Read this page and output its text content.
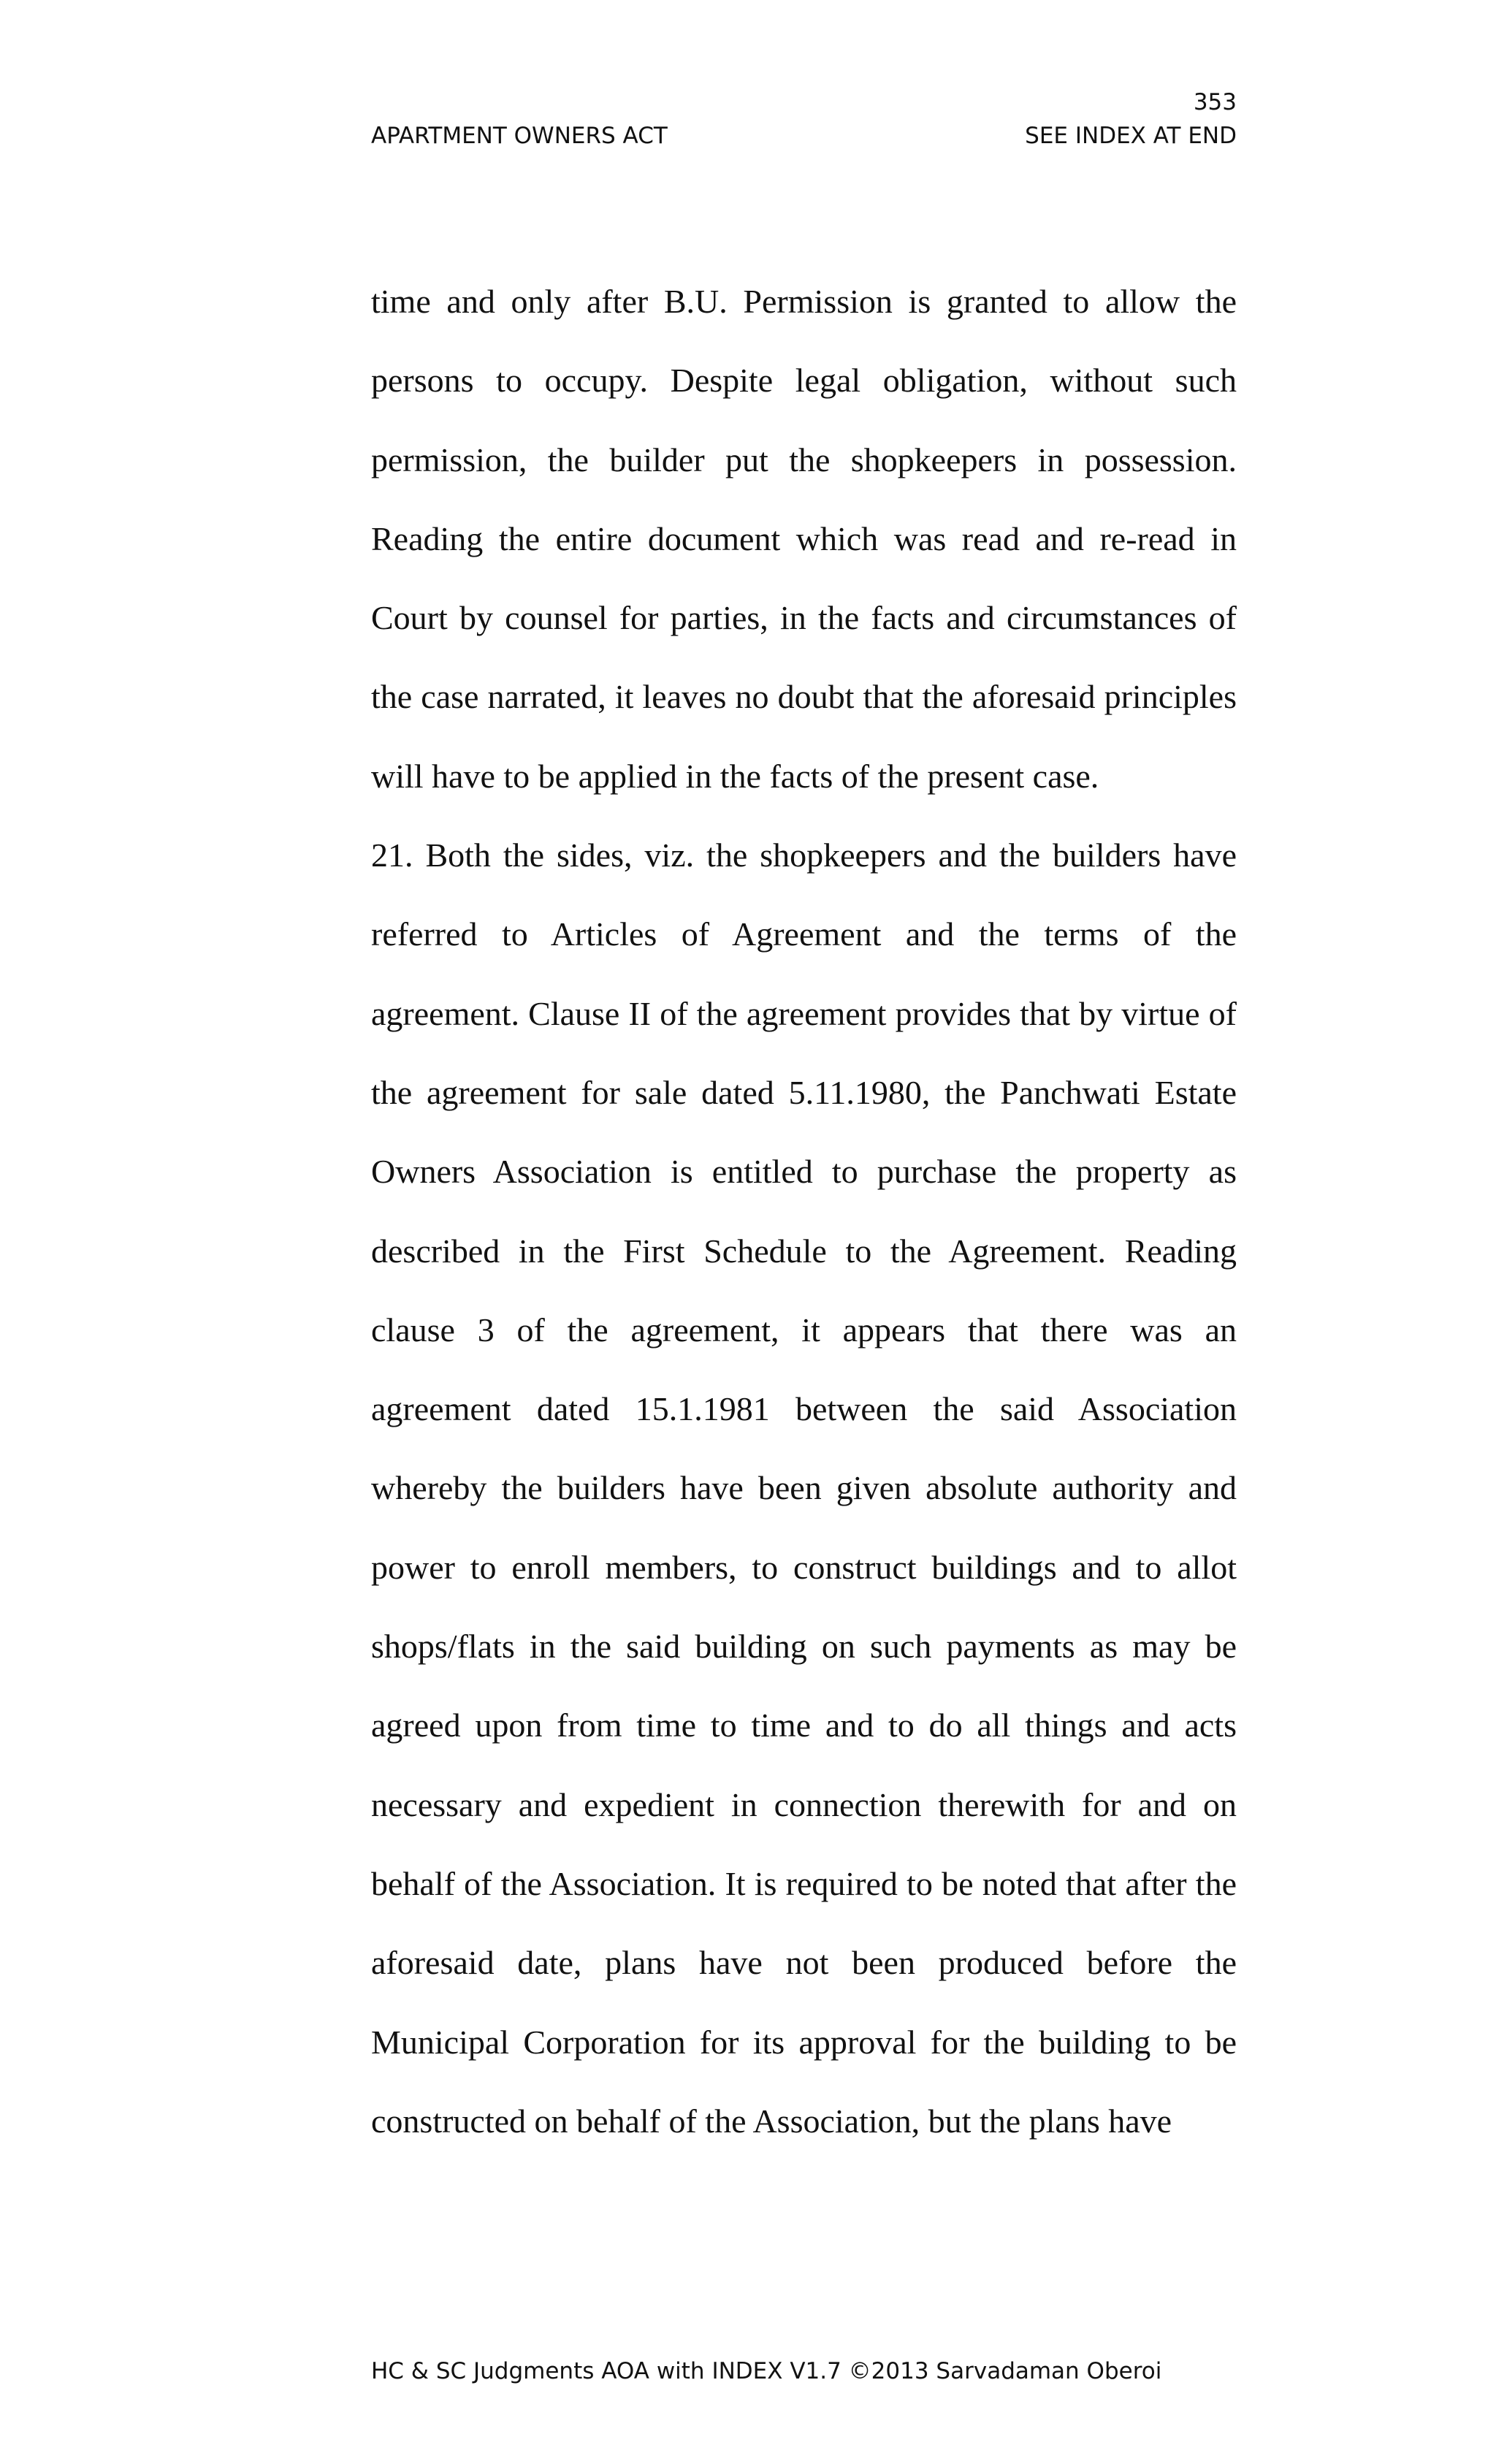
353
APARTMENT OWNERS ACT	SEE INDEX AT END

time and only after B.U. Permission is granted to allow the persons to occupy. Despite legal obligation, without such permission, the builder put the shopkeepers in possession. Reading the entire document which was read and re-read in Court by counsel for parties, in the facts and circumstances of the case narrated, it leaves no doubt that the aforesaid principles will have to be applied in the facts of the present case.

21. Both the sides, viz. the shopkeepers and the builders have referred to Articles of Agreement and the terms of the agreement. Clause II of the agreement provides that by virtue of the agreement for sale dated 5.11.1980, the Panchwati Estate Owners Association is entitled to purchase the property as described in the First Schedule to the Agreement. Reading clause 3 of the agreement, it appears that there was an agreement dated 15.1.1981 between the said Association whereby the builders have been given absolute authority and power to enroll members, to construct buildings and to allot shops/flats in the said building on such payments as may be agreed upon from time to time and to do all things and acts necessary and expedient in connection therewith for and on behalf of the Association. It is required to be noted that after the aforesaid date, plans have not been produced before the Municipal Corporation for its approval for the building to be constructed on behalf of the Association, but the plans have

HC & SC Judgments AOA with INDEX V1.7 ©2013 Sarvadaman Oberoi
